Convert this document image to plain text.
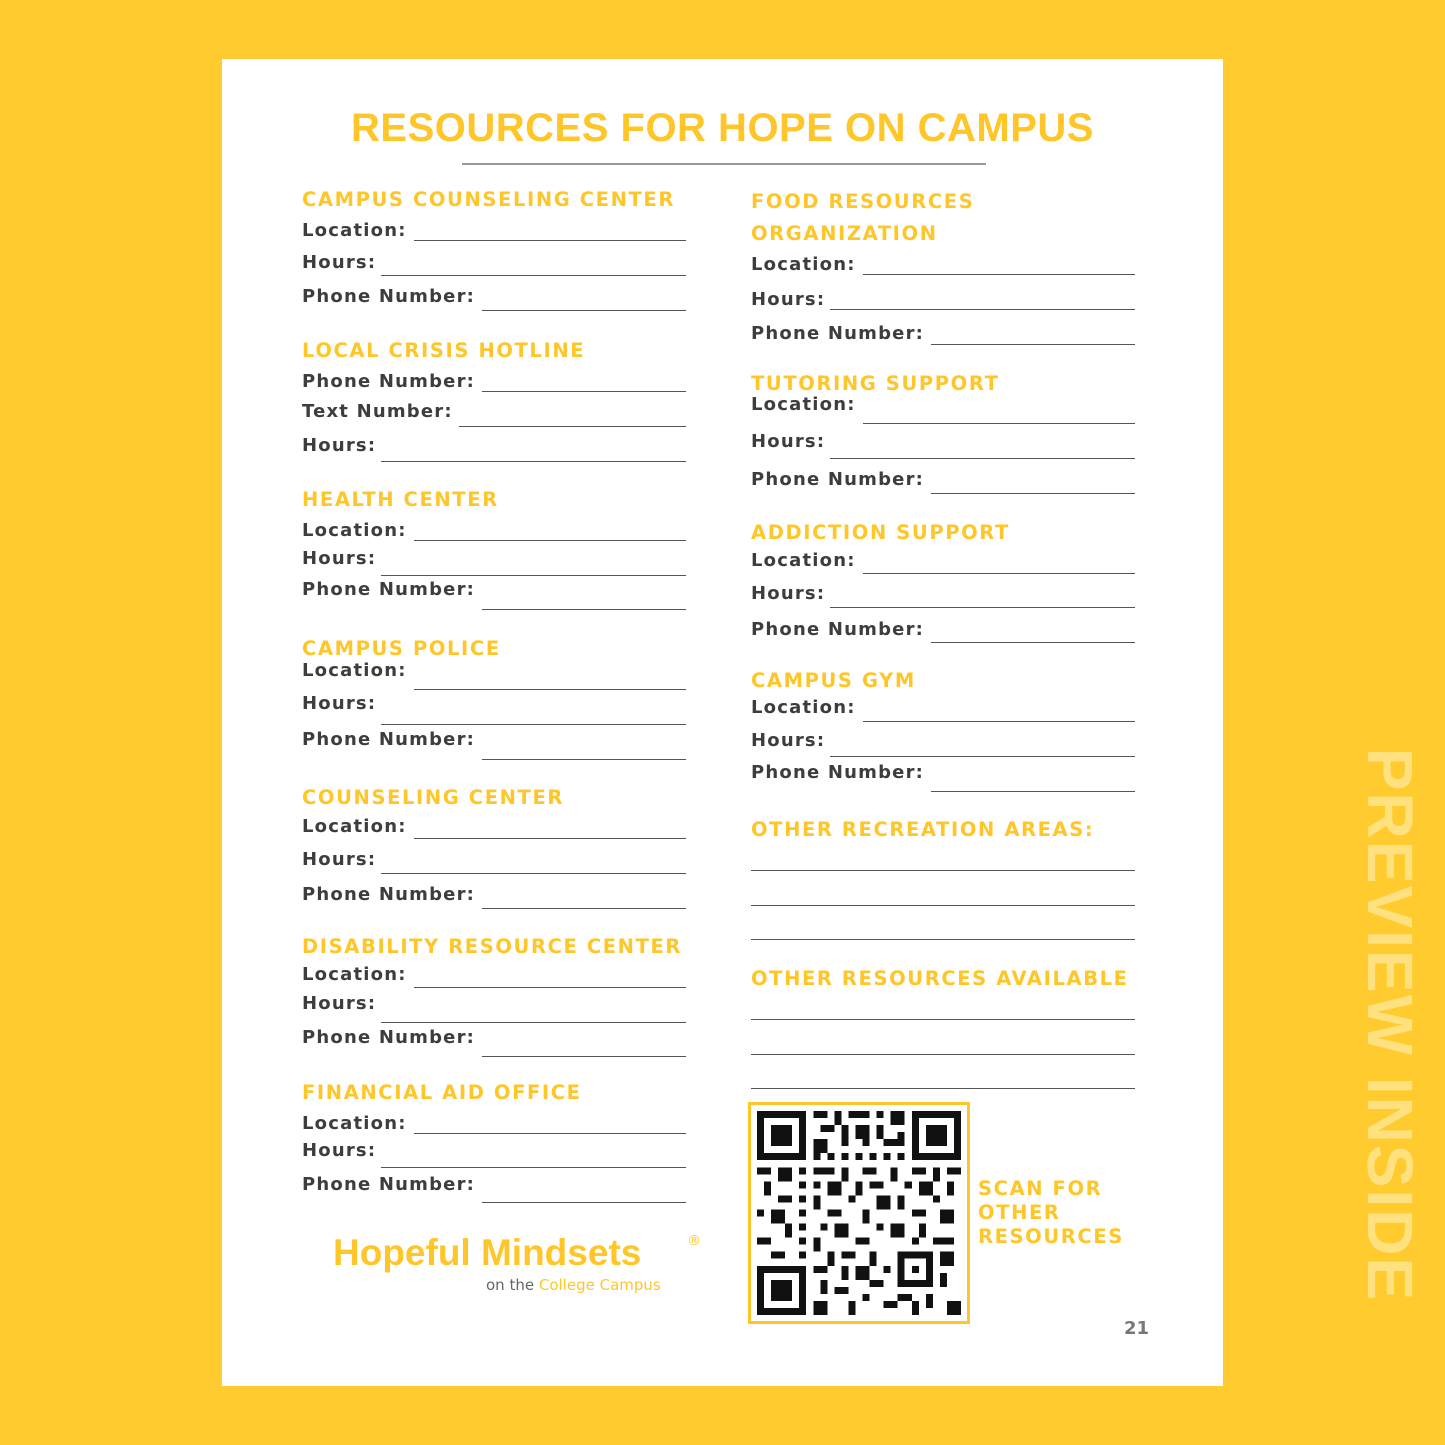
RESOURCES FOR HOPE ON CAMPUS
CAMPUS COUNSELING CENTER
Location:
Hours:
Phone Number:
LOCAL CRISIS HOTLINE
Phone Number:
Text Number:
Hours:
HEALTH CENTER
Location:
Hours:
Phone Number:
CAMPUS POLICE
Location:
Hours:
Phone Number:
COUNSELING CENTER
Location:
Hours:
Phone Number:
DISABILITY RESOURCE CENTER
Location:
Hours:
Phone Number:
FINANCIAL AID OFFICE
Location:
Hours:
Phone Number:
FOOD RESOURCES
ORGANIZATION
Location:
Hours:
Phone Number:
TUTORING SUPPORT
Location:
Hours:
Phone Number:
ADDICTION SUPPORT
Location:
Hours:
Phone Number:
CAMPUS GYM
Location:
Hours:
Phone Number:
OTHER RECREATION AREAS:
OTHER RESOURCES AVAILABLE
SCAN FOR
OTHER
RESOURCES
Hopeful Mindsets	®
on the College Campus
21
PREVIEW INSIDE
